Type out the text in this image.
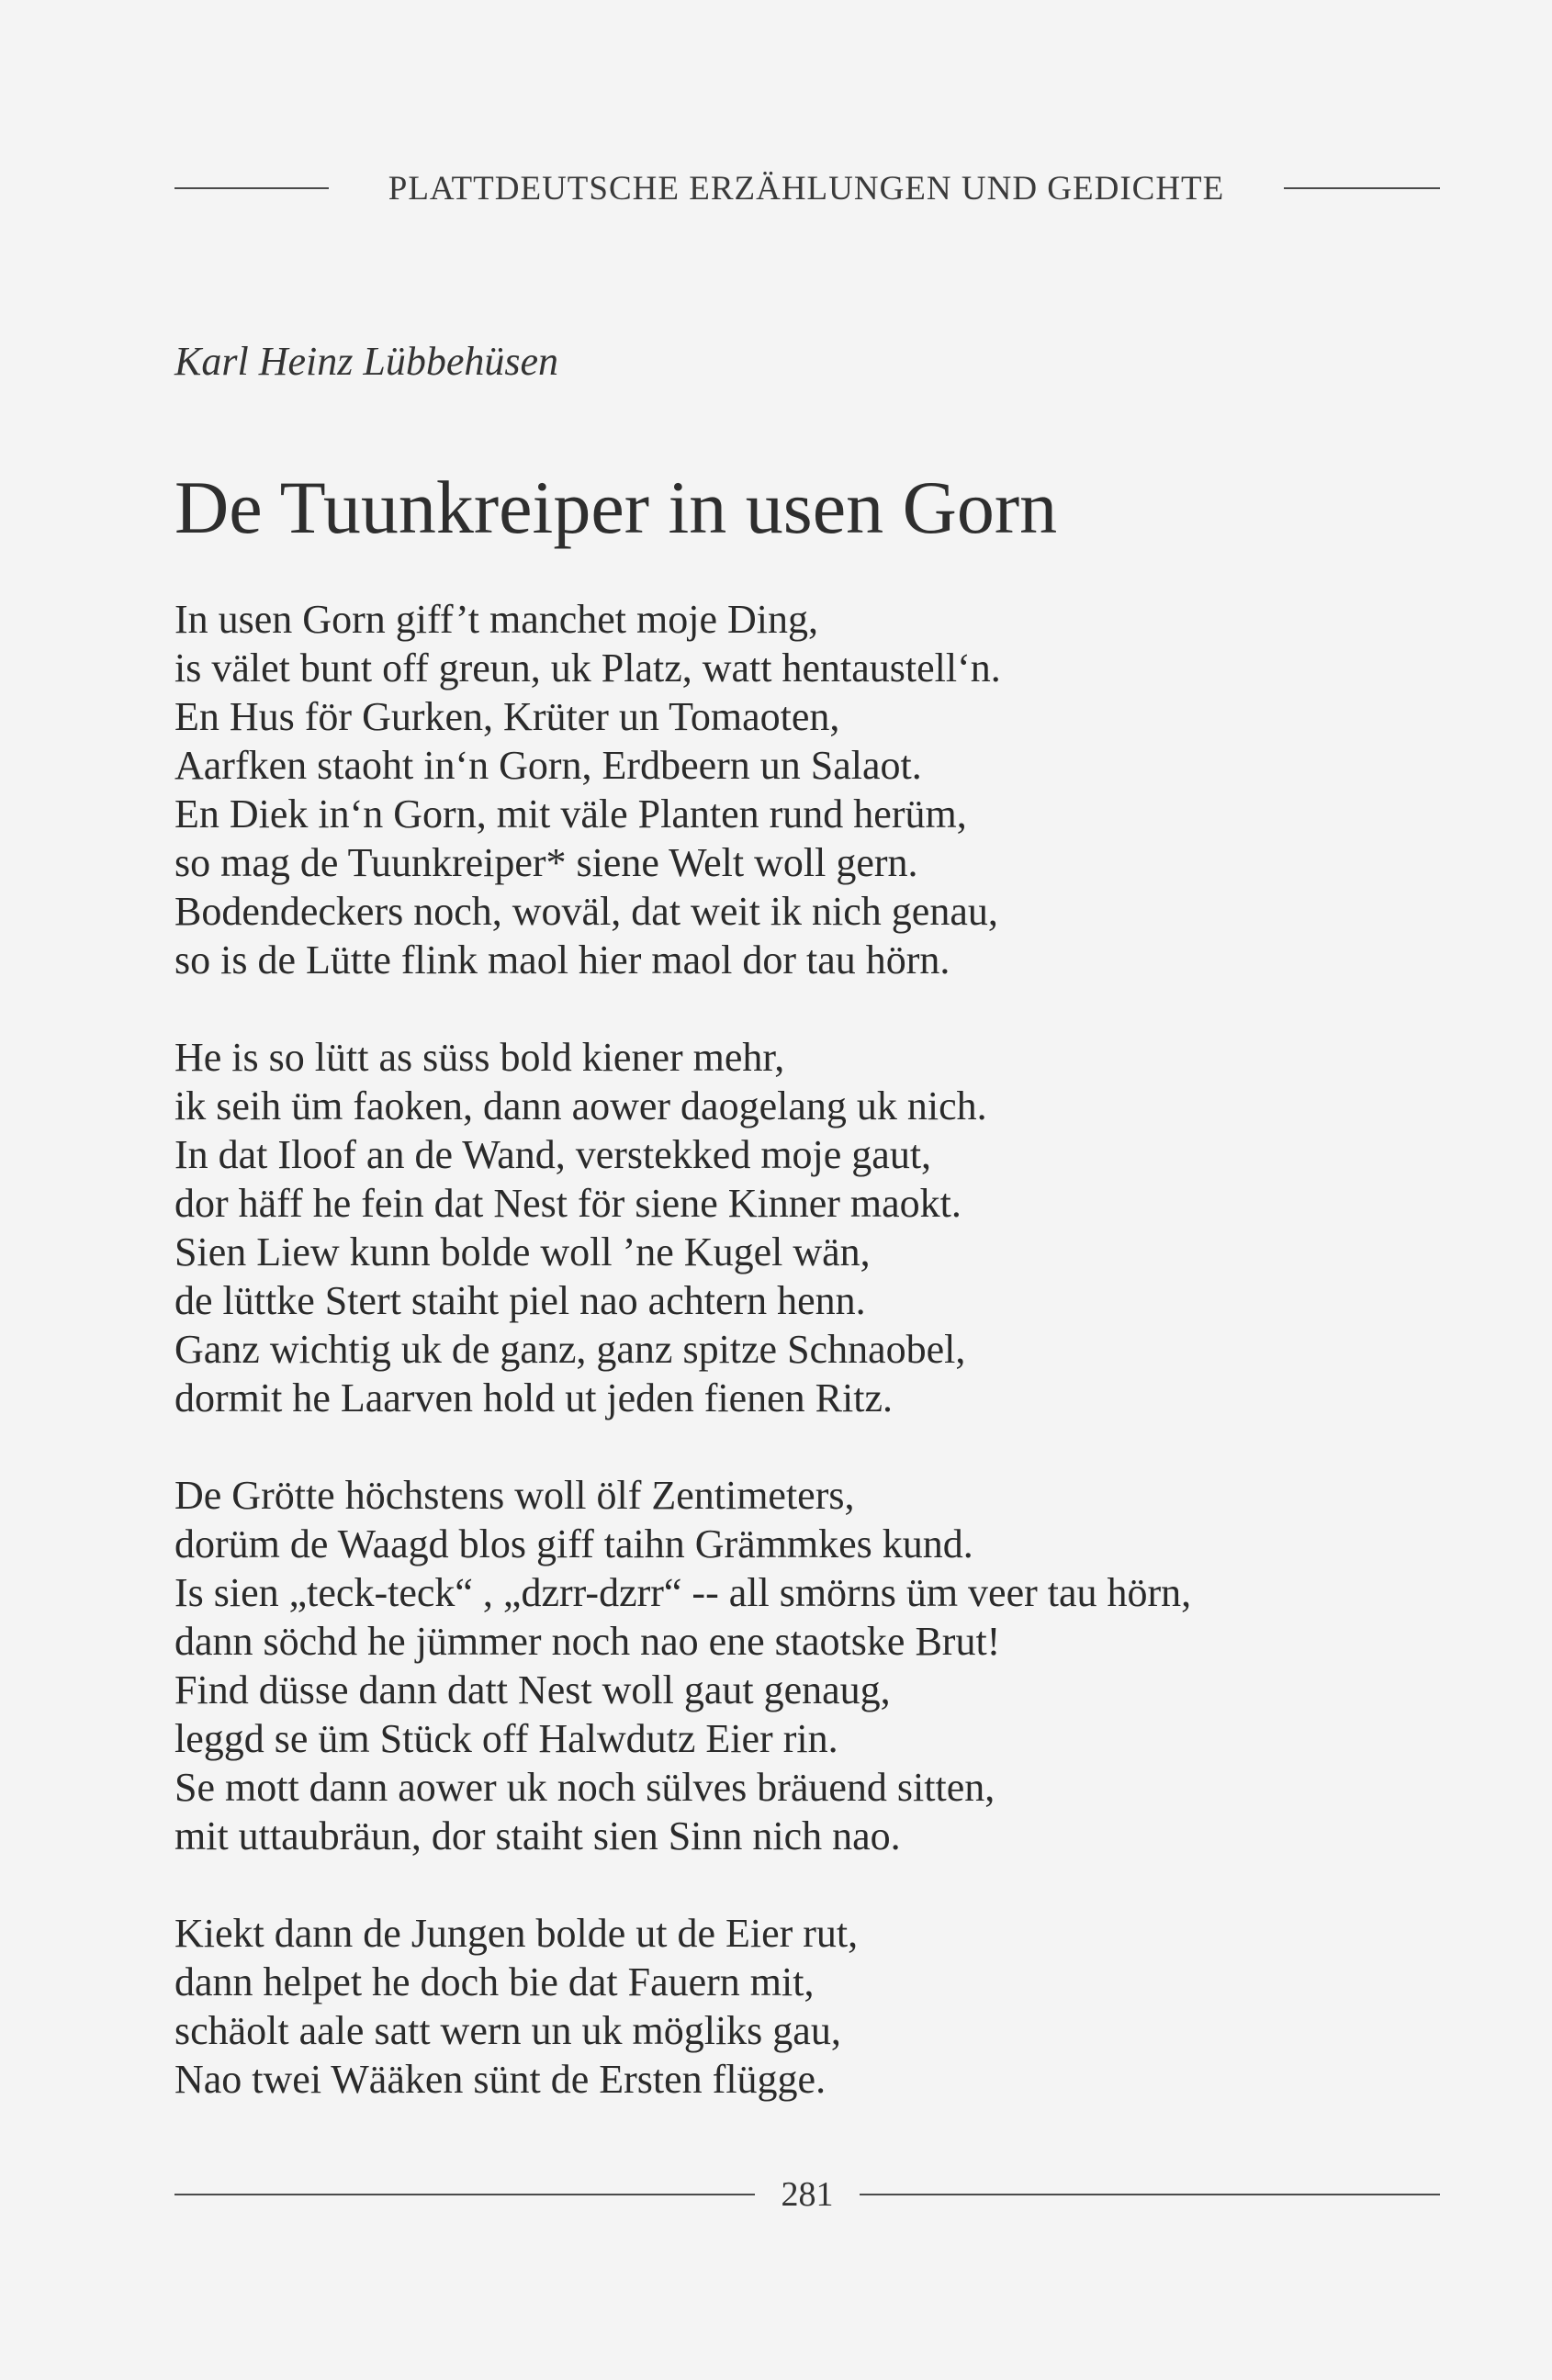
PLATTDEUTSCHE ERZÄHLUNGEN UND GEDICHTE
Karl Heinz Lübbehüsen
De Tuunkreiper in usen Gorn
In usen Gorn giff’t manchet moje Ding,
is välet bunt off greun, uk Platz, watt hentaustell‘n.
En Hus för Gurken, Krüter un Tomaoten,
Aarfken staoht in‘n Gorn, Erdbeern un Salaot.
En Diek in‘n Gorn, mit väle Planten rund herüm,
so mag de Tuunkreiper* siene Welt woll gern.
Bodendeckers noch, woväl, dat weit ik nich genau,
so is de Lütte flink maol hier maol dor tau hörn.
He is so lütt as süss bold kiener mehr,
ik seih üm faoken, dann aower daogelang uk nich.
In dat Iloof an de Wand, verstekked moje gaut,
dor häff he fein dat Nest för siene Kinner maokt.
Sien Liew kunn bolde woll ’ne Kugel wän,
de lüttke Stert staiht piel nao achtern henn.
Ganz wichtig uk de ganz, ganz spitze Schnaobel,
dormit he Laarven hold ut jeden fienen Ritz.
De Grötte höchstens woll ölf Zentimeters,
dorüm de Waagd blos giff taihn Grämmkes kund.
Is sien „teck-teck“ , „dzrr-dzrr“ -- all smörns üm veer tau hörn,
dann söchd he jümmer noch nao ene staotske Brut!
Find düsse dann datt Nest woll gaut genaug,
leggd se üm Stück off Halwdutz Eier rin.
Se mott dann aower uk noch sülves bräuend sitten,
mit uttaubräun, dor staiht sien Sinn nich nao.
Kiekt dann de Jungen bolde ut de Eier rut,
dann helpet he doch bie dat Fauern mit,
schäolt aale satt wern un uk mögliks gau,
Nao twei Wääken sünt de Ersten flügge.
281
